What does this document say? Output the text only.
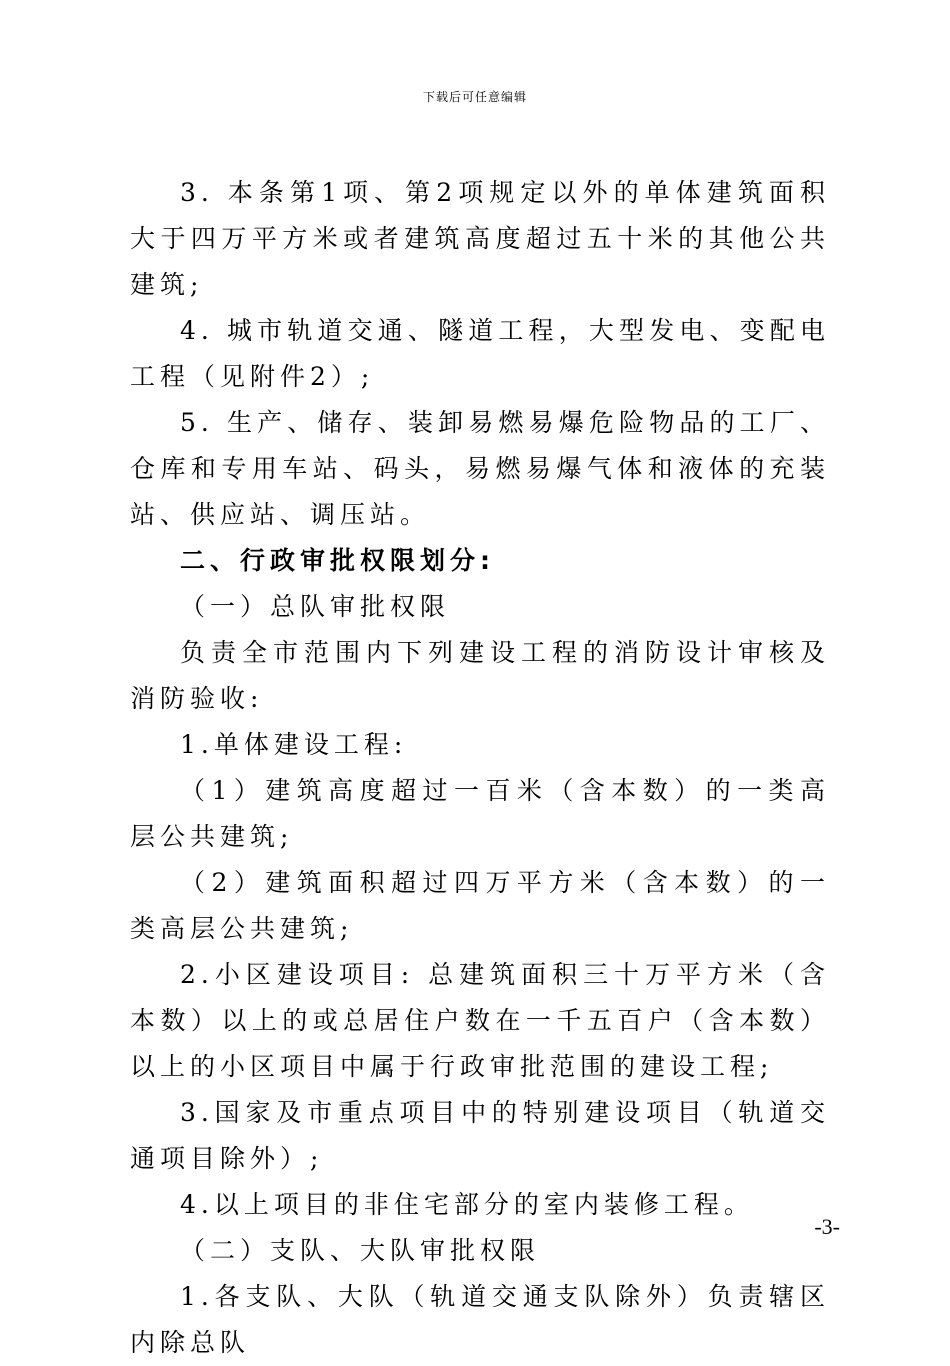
下载后可任意编辑

3. 本条第1项、第2项规定以外的单体建筑面积大于四万平方米或者建筑高度超过五十米的其他公共建筑;

4. 城市轨道交通、隧道工程，大型发电、变配电工程（见附件2）;

5. 生产、储存、装卸易燃易爆危险物品的工厂、仓库和专用车站、码头，易燃易爆气体和液体的充装站、供应站、调压站。

二、行政审批权限划分:

（一）总队审批权限

负责全市范围内下列建设工程的消防设计审核及消防验收:

1.单体建设工程:

（1）建筑高度超过一百米（含本数）的一类高层公共建筑;

（2）建筑面积超过四万平方米（含本数）的一类高层公共建筑;

2.小区建设项目: 总建筑面积三十万平方米（含本数）以上的或总居住户数在一千五百户（含本数）以上的小区项目中属于行政审批范围的建设工程;

3.国家及市重点项目中的特别建设项目（轨道交通项目除外）;

4.以上项目的非住宅部分的室内装修工程。

（二）支队、大队审批权限

1.各支队、大队（轨道交通支队除外）负责辖区内除总队

-3-
